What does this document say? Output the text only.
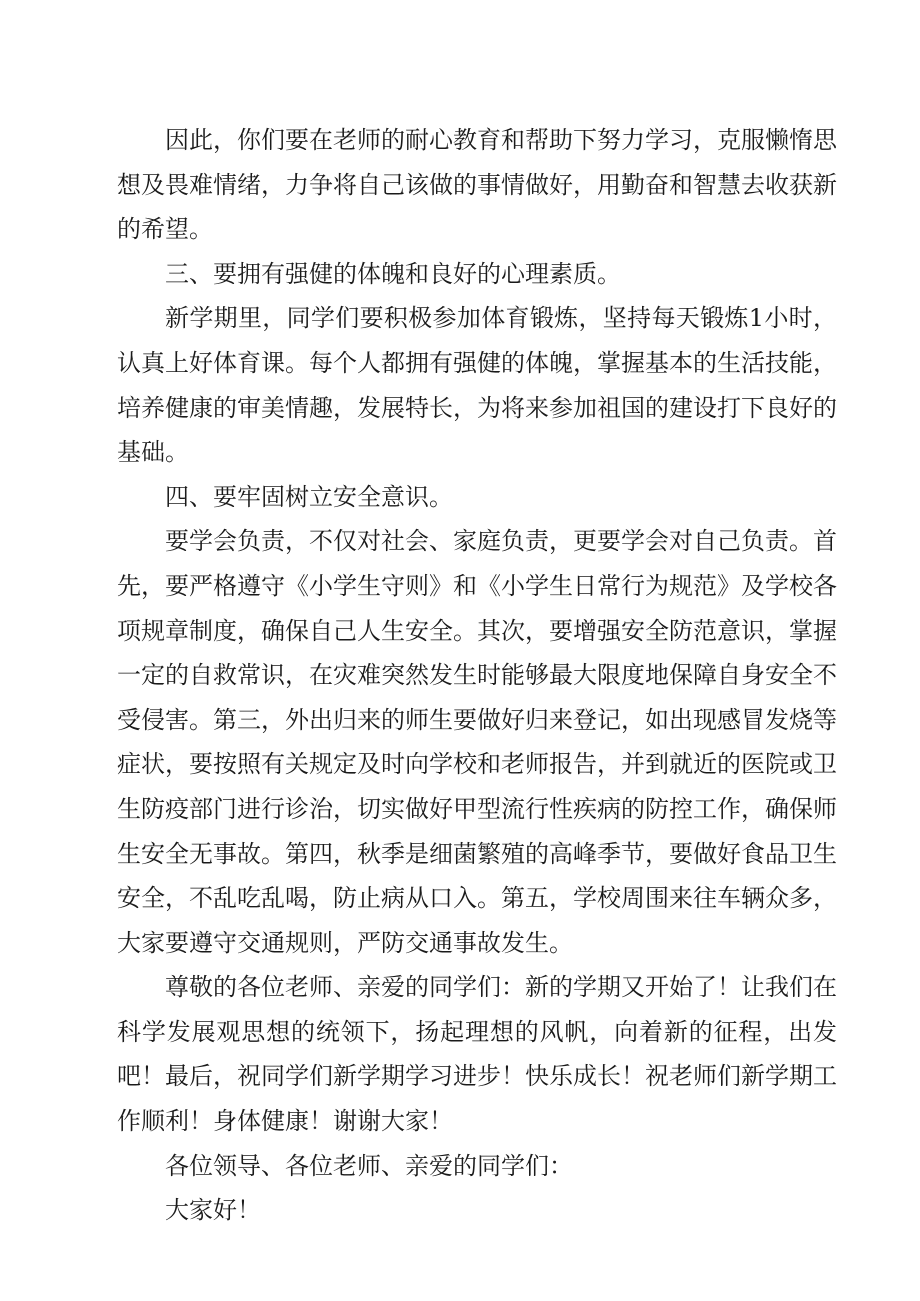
因此，你们要在老师的耐心教育和帮助下努力学习，克服懒惰思想及畏难情绪，力争将自己该做的事情做好，用勤奋和智慧去收获新的希望。

三、要拥有强健的体魄和良好的心理素质。

新学期里，同学们要积极参加体育锻炼，坚持每天锻炼1小时，认真上好体育课。每个人都拥有强健的体魄，掌握基本的生活技能，培养健康的审美情趣，发展特长，为将来参加祖国的建设打下良好的基础。

四、要牢固树立安全意识。

要学会负责，不仅对社会、家庭负责，更要学会对自己负责。首先，要严格遵守《小学生守则》和《小学生日常行为规范》及学校各项规章制度，确保自己人生安全。其次，要增强安全防范意识，掌握一定的自救常识，在灾难突然发生时能够最大限度地保障自身安全不受侵害。第三，外出归来的师生要做好归来登记，如出现感冒发烧等症状，要按照有关规定及时向学校和老师报告，并到就近的医院或卫生防疫部门进行诊治，切实做好甲型流行性疾病的防控工作，确保师生安全无事故。第四，秋季是细菌繁殖的高峰季节，要做好食品卫生安全，不乱吃乱喝，防止病从口入。第五，学校周围来往车辆众多，大家要遵守交通规则，严防交通事故发生。

尊敬的各位老师、亲爱的同学们：新的学期又开始了！让我们在科学发展观思想的统领下，扬起理想的风帆，向着新的征程，出发吧！最后，祝同学们新学期学习进步！快乐成长！祝老师们新学期工作顺利！身体健康！谢谢大家！

各位领导、各位老师、亲爱的同学们：

大家好！
